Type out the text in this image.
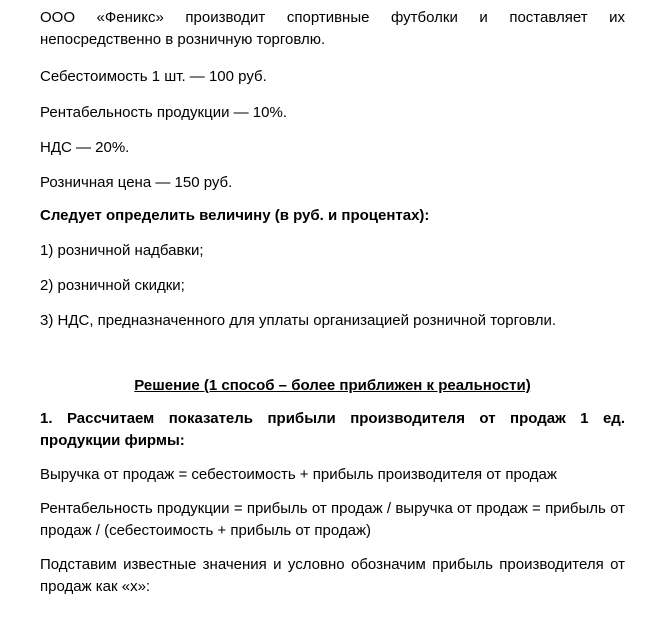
ООО «Феникс» производит спортивные футболки и поставляет их непосредственно в розничную торговлю.

Себестоимость 1 шт. — 100 руб.

Рентабельность продукции — 10%.

НДС — 20%.

Розничная цена — 150 руб.

Следует определить величину (в руб. и процентах):

1) розничной надбавки;

2) розничной скидки;

3) НДС, предназначенного для уплаты организацией розничной торговли.

Решение (1 способ – более приближен к реальности)

1. Рассчитаем показатель прибыли производителя от продаж 1 ед. продукции фирмы:

Выручка от продаж = себестоимость + прибыль производителя от продаж

Рентабельность продукции = прибыль от продаж / выручка от продаж = прибыль от продаж / (себестоимость + прибыль от продаж)

Подставим известные значения и условно обозначим прибыль производителя от продаж как «х»:
